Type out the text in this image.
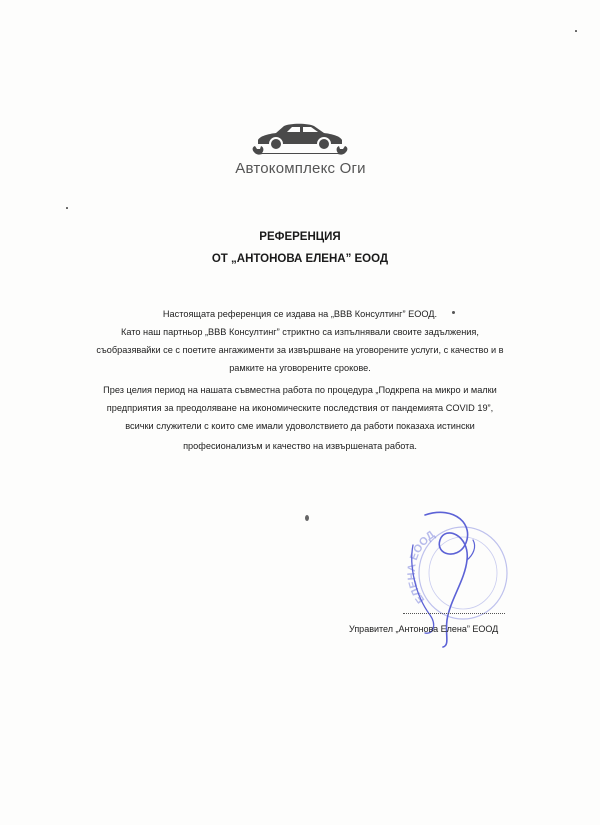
Автокомплекс Оги
РЕФЕРЕНЦИЯ
ОТ „АНТОНОВА ЕЛЕНА” ЕООД
Настоящата референция се издава на „ВВВ Консултинг” ЕООД.
Като наш партньор „ВВВ Консултинг” стриктно са изпълнявали своите задължения,
съобразявайки се с поетите ангажименти за извършване на уговорените услуги, с качество и в
рамките на уговорените срокове.
През целия период на нашата съвместна работа по процедура „Подкрепа на микро и малки
предприятия за преодоляване на икономическите последствия от пандемията COVID 19”,
всички служители с които сме имали удоволствието да работи показаха истински
професионализъм и качество на извършената работа.
ЕЛЕНА ЕООД
Управител „Антонова Елена” ЕООД
